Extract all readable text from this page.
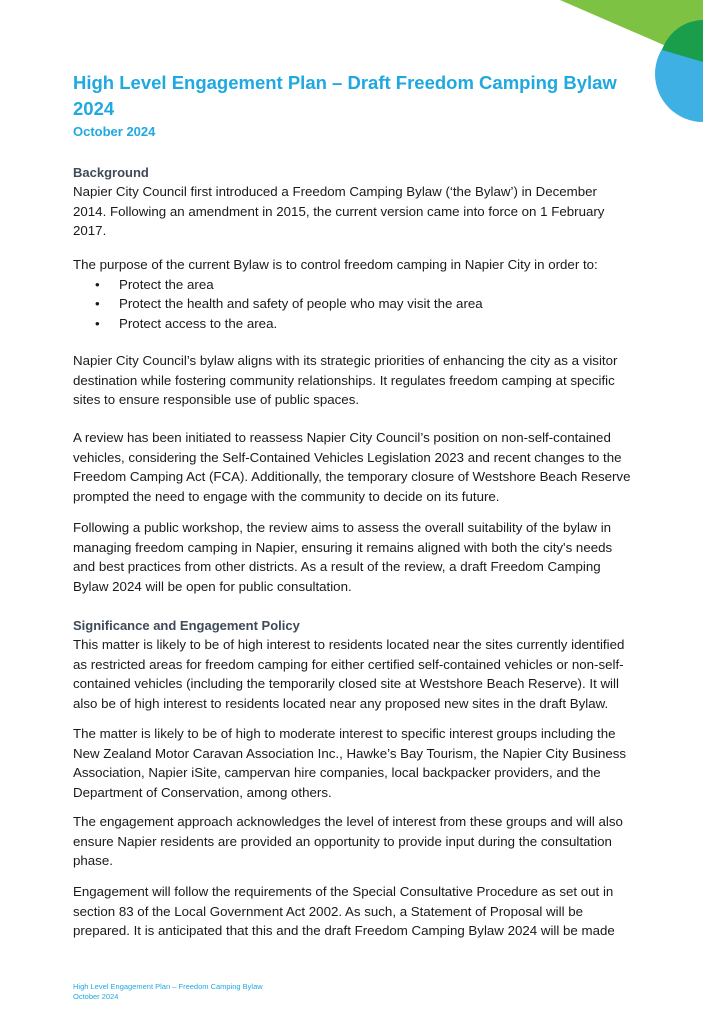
High Level Engagement Plan – Draft Freedom Camping Bylaw 2024

October 2024

Background

Napier City Council first introduced a Freedom Camping Bylaw (‘the Bylaw’) in December 2014. Following an amendment in 2015, the current version came into force on 1 February 2017.

The purpose of the current Bylaw is to control freedom camping in Napier City in order to:

• Protect the area
• Protect the health and safety of people who may visit the area
• Protect access to the area.

Napier City Council’s bylaw aligns with its strategic priorities of enhancing the city as a visitor destination while fostering community relationships. It regulates freedom camping at specific sites to ensure responsible use of public spaces.

A review has been initiated to reassess Napier City Council’s position on non-self-contained vehicles, considering the Self-Contained Vehicles Legislation 2023 and recent changes to the Freedom Camping Act (FCA). Additionally, the temporary closure of Westshore Beach Reserve prompted the need to engage with the community to decide on its future.

Following a public workshop, the review aims to assess the overall suitability of the bylaw in managing freedom camping in Napier, ensuring it remains aligned with both the city's needs and best practices from other districts. As a result of the review, a draft Freedom Camping Bylaw 2024 will be open for public consultation.

Significance and Engagement Policy

This matter is likely to be of high interest to residents located near the sites currently identified as restricted areas for freedom camping for either certified self-contained vehicles or non-self-contained vehicles (including the temporarily closed site at Westshore Beach Reserve). It will also be of high interest to residents located near any proposed new sites in the draft Bylaw.

The matter is likely to be of high to moderate interest to specific interest groups including the New Zealand Motor Caravan Association Inc., Hawke’s Bay Tourism, the Napier City Business Association, Napier iSite, campervan hire companies, local backpacker providers, and the Department of Conservation, among others.

The engagement approach acknowledges the level of interest from these groups and will also ensure Napier residents are provided an opportunity to provide input during the consultation phase.

Engagement will follow the requirements of the Special Consultative Procedure as set out in section 83 of the Local Government Act 2002. As such, a Statement of Proposal will be prepared. It is anticipated that this and the draft Freedom Camping Bylaw 2024 will be made

High Level Engagement Plan – Freedom Camping Bylaw
October 2024
